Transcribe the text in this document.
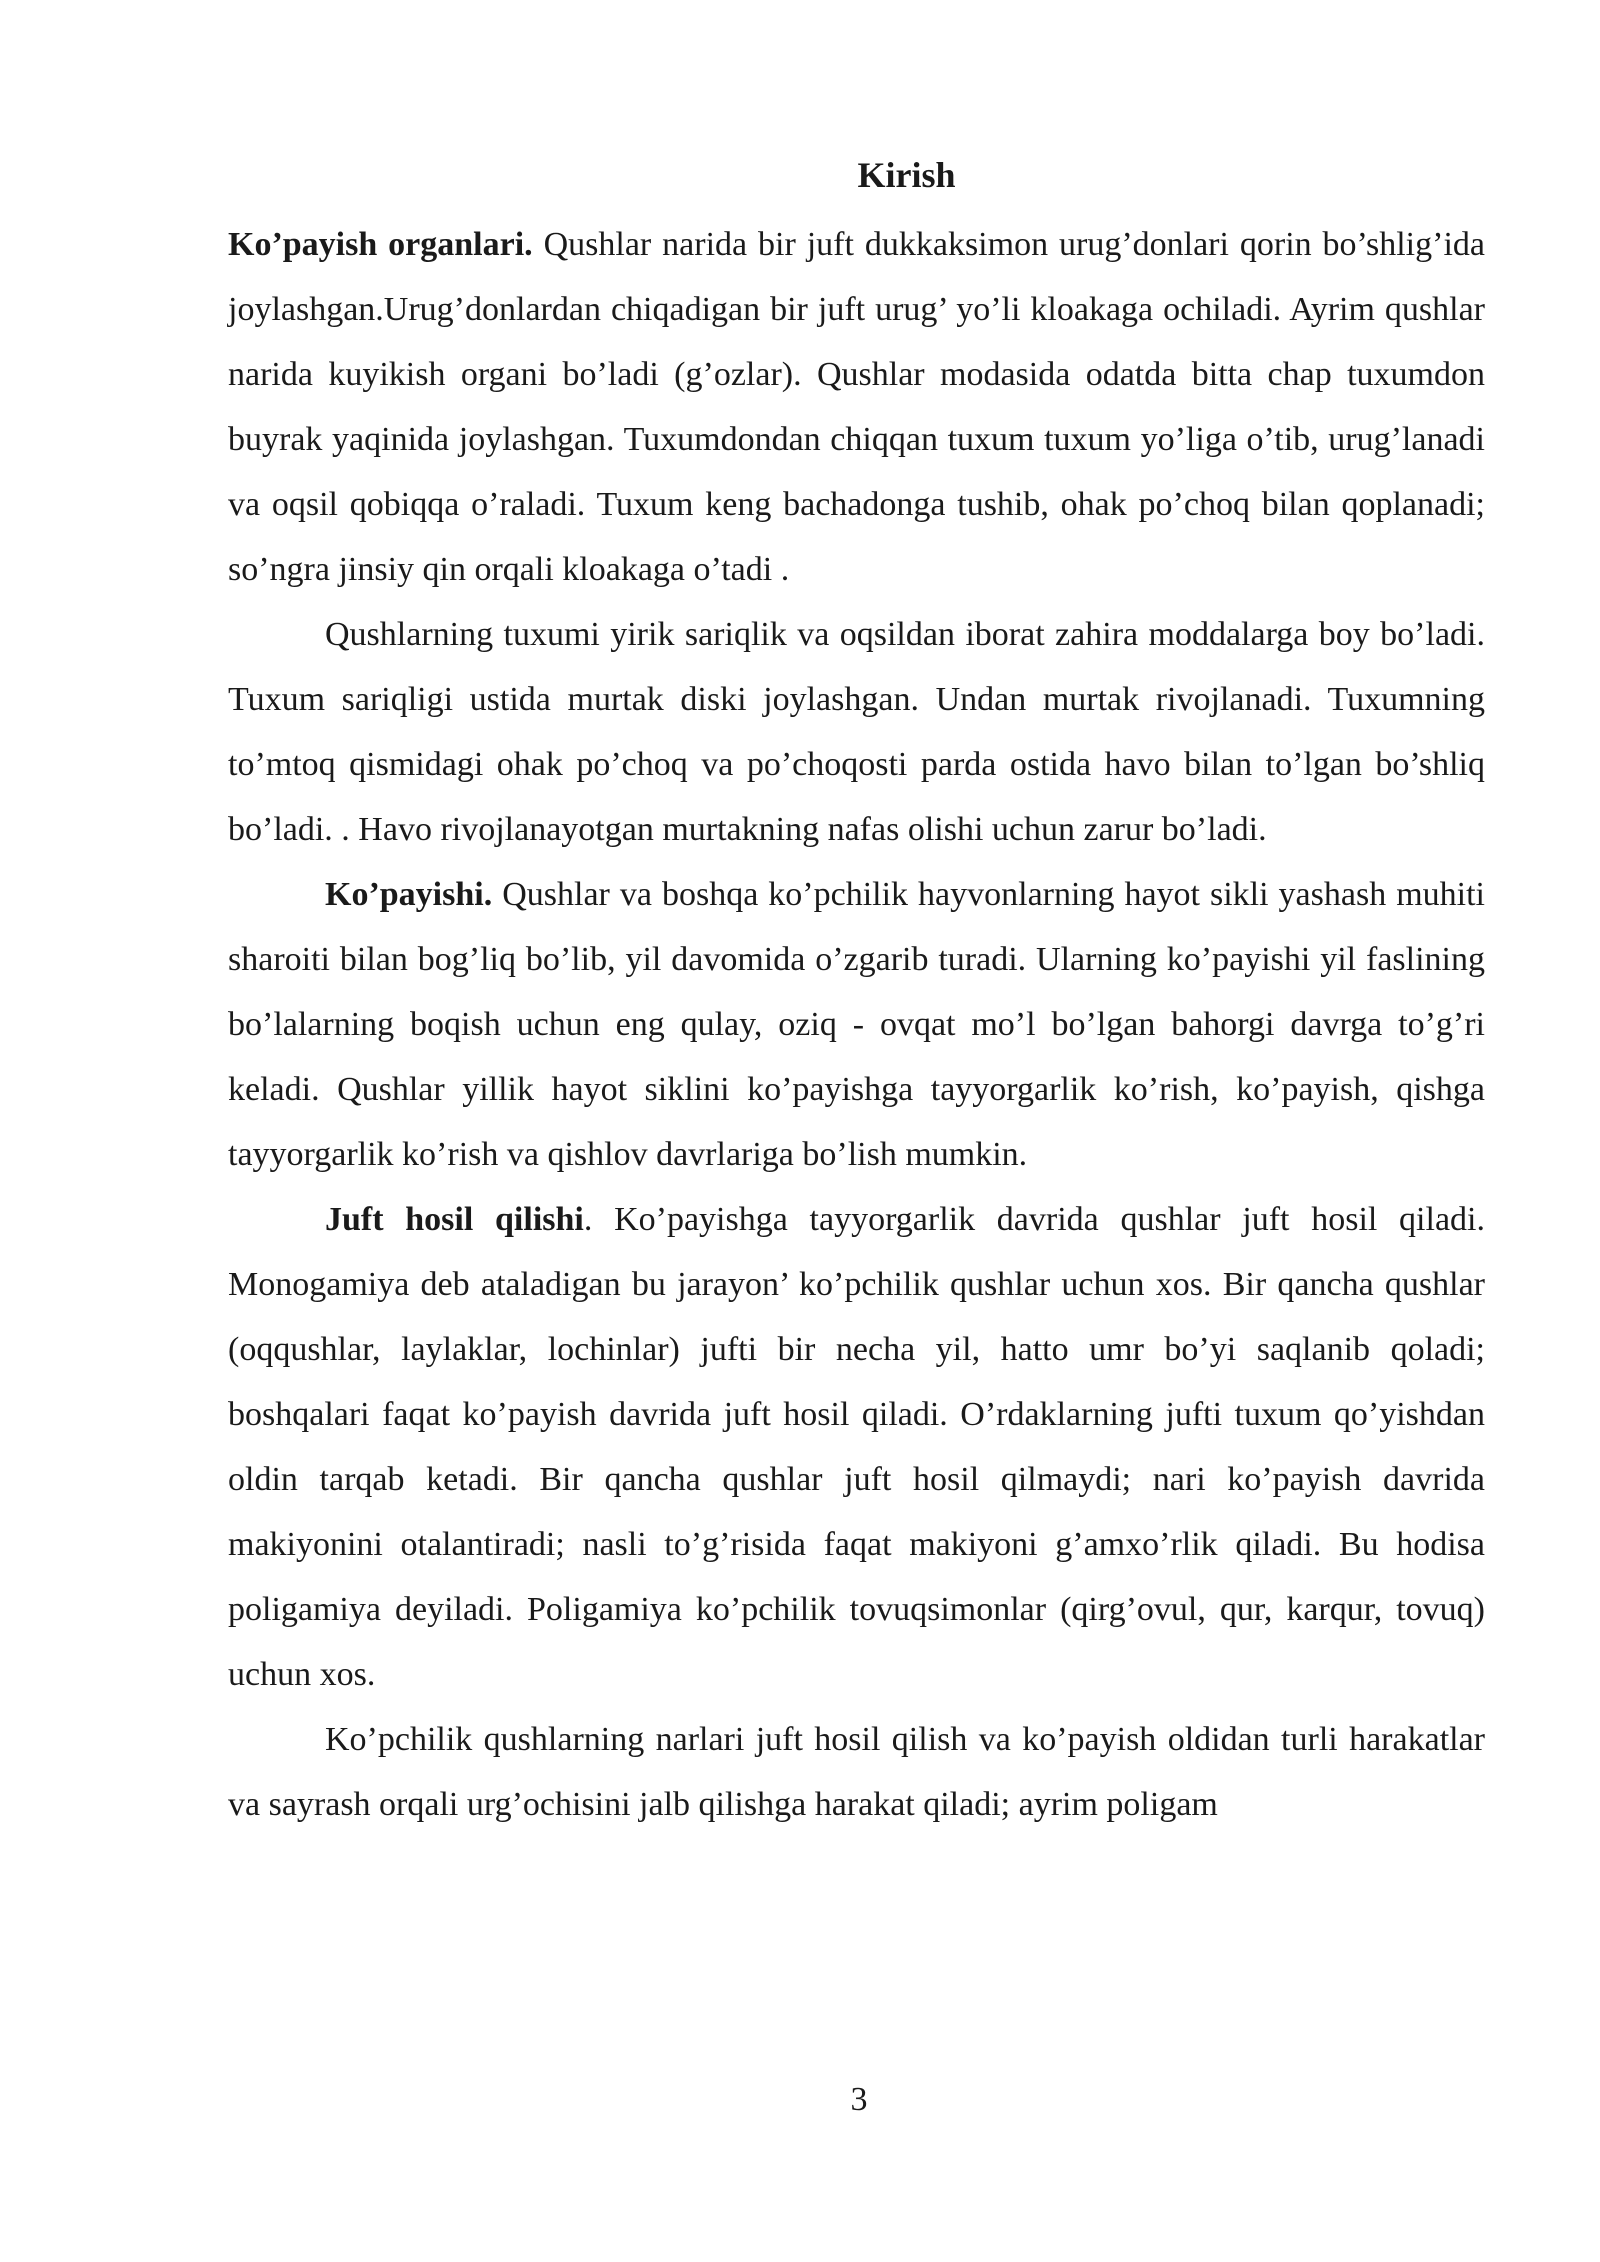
Kirish

Ko’payish organlari. Qushlar narida bir juft dukkaksimon urug’donlari qorin bo’shlig’ida joylashgan.Urug’donlardan chiqadigan bir juft urug’ yo’li kloakaga ochiladi. Ayrim qushlar narida kuyikish organi bo’ladi (g’ozlar). Qushlar modasida odatda bitta chap tuxumdon buyrak yaqinida joylashgan. Tuxumdondan chiqqan tuxum tuxum yo’liga o’tib, urug’lanadi va oqsil qobiqqa o’raladi. Tuxum keng bachadonga tushib, ohak po’choq bilan qoplanadi; so’ngra jinsiy qin orqali kloakaga o’tadi .

Qushlarning tuxumi yirik sariqlik va oqsildan iborat zahira moddalarga boy bo’ladi. Tuxum sariqligi ustida murtak diski joylashgan. Undan murtak rivojlanadi. Tuxumning to’mtoq qismidagi ohak po’choq va po’choqosti parda ostida havo bilan to’lgan bo’shliq bo’ladi. . Havo rivojlanayotgan murtakning nafas olishi uchun zarur bo’ladi.

Ko’payishi. Qushlar va boshqa ko’pchilik hayvonlarning hayot sikli yashash muhiti sharoiti bilan bog’liq bo’lib, yil davomida o’zgarib turadi. Ularning ko’payishi yil faslining bo’lalarning boqish uchun eng qulay, oziq - ovqat mo’l bo’lgan bahorgi davrga to’g’ri keladi. Qushlar yillik hayot siklini ko’payishga tayyorgarlik ko’rish, ko’payish, qishga tayyorgarlik ko’rish va qishlov davrlariga bo’lish mumkin.

Juft hosil qilishi. Ko’payishga tayyorgarlik davrida qushlar juft hosil qiladi. Monogamiya deb ataladigan bu jarayon’ ko’pchilik qushlar uchun xos. Bir qancha qushlar (oqqushlar, laylaklar, lochinlar) jufti bir necha yil, hatto umr bo’yi saqlanib qoladi; boshqalari faqat ko’payish davrida juft hosil qiladi. O’rdaklarning jufti tuxum qo’yishdan oldin tarqab ketadi. Bir qancha qushlar juft hosil qilmaydi; nari ko’payish davrida makiyonini otalantiradi; nasli to’g’risida faqat makiyoni g’amxo’rlik qiladi. Bu hodisa poligamiya deyiladi. Poligamiya ko’pchilik tovuqsimonlar (qirg’ovul, qur, karqur, tovuq) uchun xos.

Ko’pchilik qushlarning narlari juft hosil qilish va ko’payish oldidan turli harakatlar va sayrash orqali urg’ochisini jalb qilishga harakat qiladi; ayrim poligam

3
